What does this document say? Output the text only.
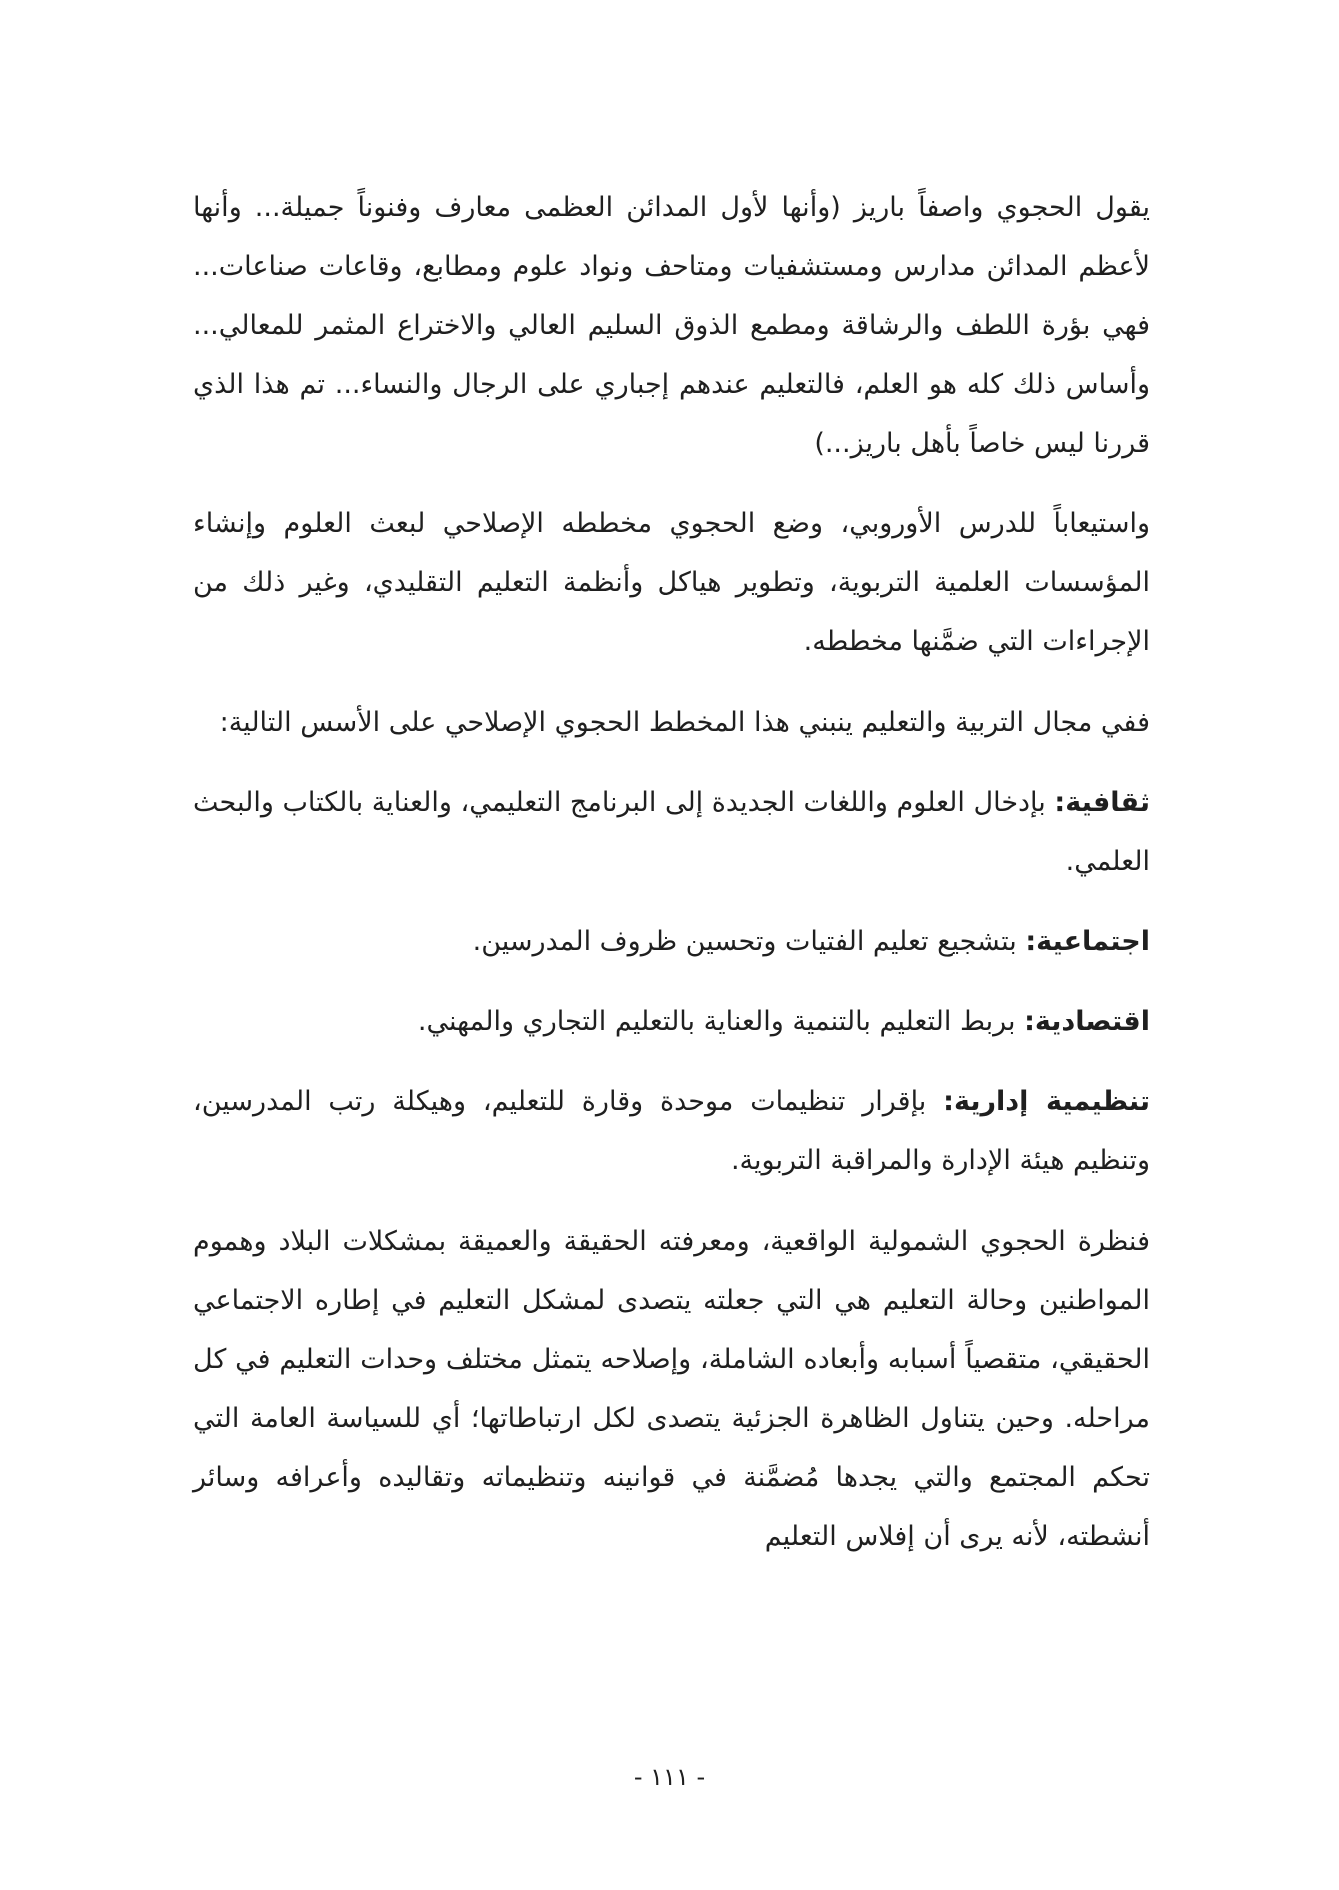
يقول الحجوي واصفاً باريز (وأنها لأول المدائن العظمى معارف وفنوناً جميلة... وأنها لأعظم المدائن مدارس ومستشفيات ومتاحف ونواد علوم ومطابع، وقاعات صناعات... فهي بؤرة اللطف والرشاقة ومطمع الذوق السليم العالي والاختراع المثمر للمعالي... وأساس ذلك كله هو العلم، فالتعليم عندهم إجباري على الرجال والنساء... تم هذا الذي قررنا ليس خاصاً بأهل باريز...)

واستيعاباً للدرس الأوروبي، وضع الحجوي مخططه الإصلاحي لبعث العلوم وإنشاء المؤسسات العلمية التربوية، وتطوير هياكل وأنظمة التعليم التقليدي، وغير ذلك من الإجراءات التي ضمَّنها مخططه.

ففي مجال التربية والتعليم ينبني هذا المخطط الحجوي الإصلاحي على الأسس التالية:

ثقافية: بإدخال العلوم واللغات الجديدة إلى البرنامج التعليمي، والعناية بالكتاب والبحث العلمي.

اجتماعية: بتشجيع تعليم الفتيات وتحسين ظروف المدرسين.

اقتصادية: بربط التعليم بالتنمية والعناية بالتعليم التجاري والمهني.

تنظيمية إدارية: بإقرار تنظيمات موحدة وقارة للتعليم، وهيكلة رتب المدرسين، وتنظيم هيئة الإدارة والمراقبة التربوية.

فنظرة الحجوي الشمولية الواقعية، ومعرفته الحقيقة والعميقة بمشكلات البلاد وهموم المواطنين وحالة التعليم هي التي جعلته يتصدى لمشكل التعليم في إطاره الاجتماعي الحقيقي، متقصياً أسبابه وأبعاده الشاملة، وإصلاحه يتمثل مختلف وحدات التعليم في كل مراحله. وحين يتناول الظاهرة الجزئية يتصدى لكل ارتباطاتها؛ أي للسياسة العامة التي تحكم المجتمع والتي يجدها مُضمَّنة في قوانينه وتنظيماته وتقاليده وأعرافه وسائر أنشطته، لأنه يرى أن إفلاس التعليم

- ١١١ -
